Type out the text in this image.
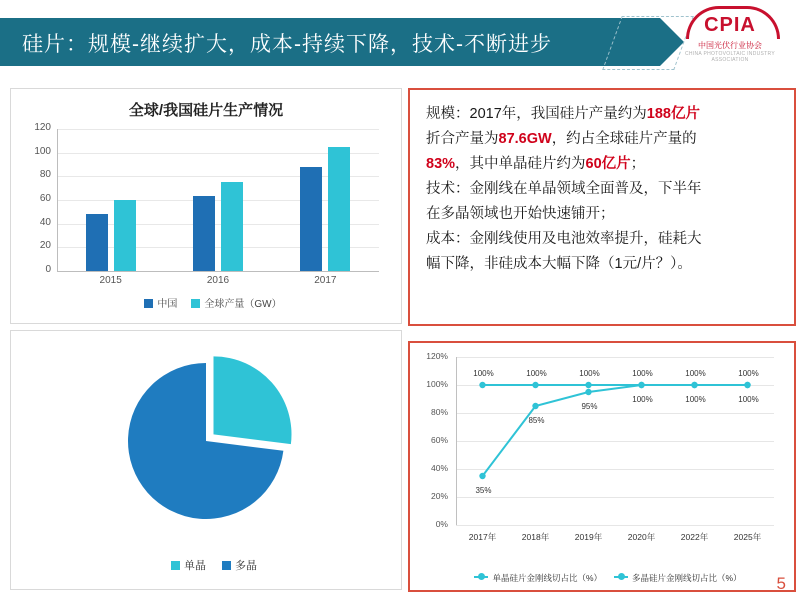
硅片：规模-继续扩大，成本-持续下降，技术-不断进步
CPIA
中国光伏行业协会
CHINA PHOTOVOLTAIC INDUSTRY ASSOCIATION
全球/我国硅片生产情况
0
20
40
60
80
100
120
2015	2016	2017
中国	全球产量（GW）
规模：2017年，我国硅片产量约为188亿片
折合产量为87.6GW，约占全球硅片产量的
83%，其中单晶硅片约为60亿片；
技术：金刚线在单晶领域全面普及，下半年
在多晶领域也开始快速铺开；
成本：金刚线使用及电池效率提升，硅耗大
幅下降，非硅成本大幅下降（1元/片？）。
单晶	多晶
0%
20%
40%
60%
80%
100%
120%
100%	100%	100%	100%	100%	100%
35%
85%
95%
100%	100%	100%
2017年	2018年	2019年	2020年	2022年	2025年
单晶硅片金刚线切占比（%）	多晶硅片金刚线切占比（%）	5
